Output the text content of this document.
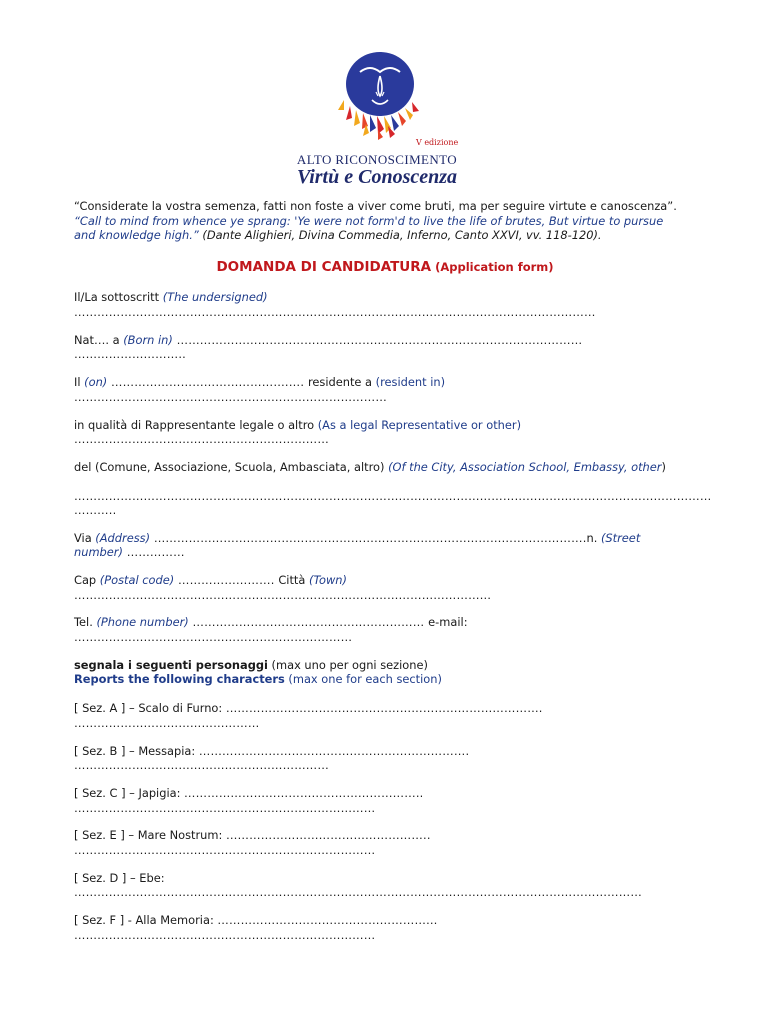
V edizione
ALTO RICONOSCIMENTO
Virtù e Conoscenza
“Considerate la vostra semenza, fatti non foste a viver come bruti, ma per seguire virtute e canoscenza”.
“Call to mind from whence ye sprang: 'Ye were not form'd to live the life of brutes, But virtue to pursue
and knowledge high.” (Dante Alighieri, Divina Commedia, Inferno, Canto XXVI, vv. 118-120).
DOMANDA DI CANDIDATURA (Application form)
Il/La sottoscritt (The undersigned)
………………………………………………………………………………………………………………………
Nat…. a (Born in) ……………………………………………………………………………………………
………………………..
Il (on) ……………………………………….…. residente a (resident in)
………………………………………………………………………
in qualità di Rappresentante legale o altro (As a legal Representative or other)
…………………………………………………………
del (Comune, Associazione, Scuola, Ambasciata, altro) (Of the City, Association School, Embassy, other)
…………………………………………………………………………………………………………………………………………………
………..
Via (Address) ………………………………………………………………………………………………….n. (Street
number) ……………
Cap (Postal code) ……………………. Città (Town)
………………………………………………………………………………………………
Tel. (Phone number) …………………………………………………… e-mail:
………………………………………………………………
segnala i seguenti personaggi (max uno per ogni sezione)
Reports the following characters (max one for each section)
[ Sez. A ] – Scalo di Furno: ……………………………………………………………………….
…………………………………………
[ Sez. B ] – Messapia: …………………………………………………………….
…………………………………………………………
[ Sez. C ] – Japigia: ……………………………………………………..
……………………………………………………………………
[ Sez. E ] – Mare Nostrum: ……………………………………………..
……………………………………………………………………
[ Sez. D ] – Ebe:
…………………………………………………………………………………………………………………………………
[ Sez. F ] - Alla Memoria: …………………………………………………
……………………………………………………………………
